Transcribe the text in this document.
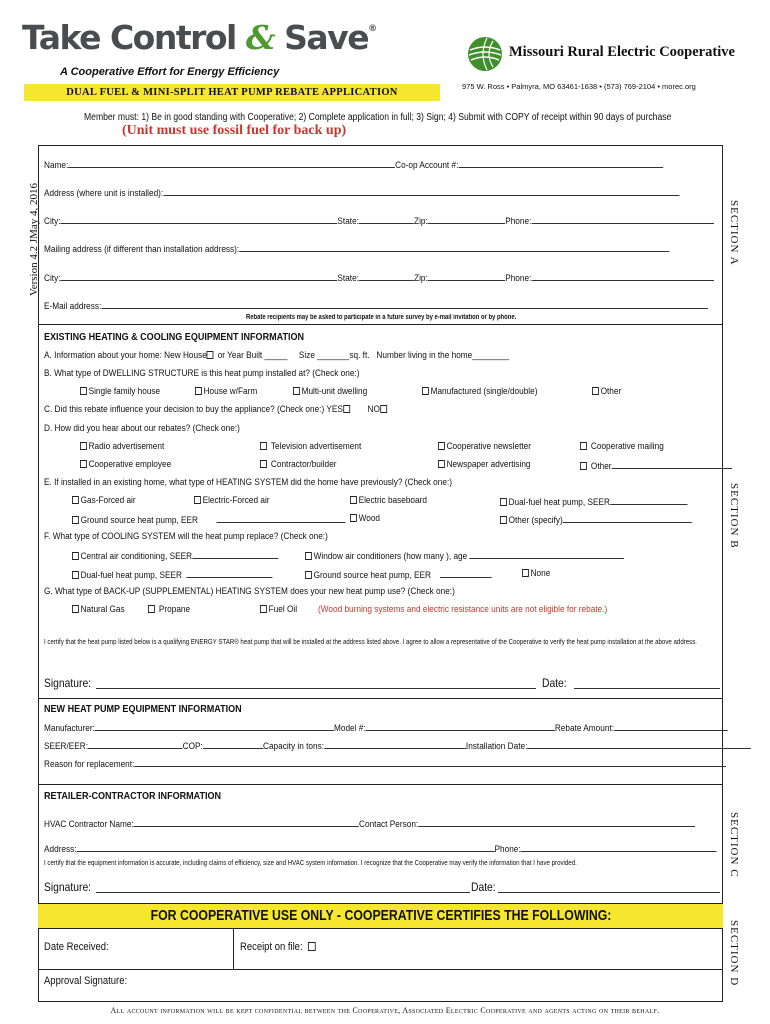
Take Control & Save®
A Cooperative Effort for Energy Efficiency
DUAL FUEL & MINI-SPLIT HEAT PUMP REBATE APPLICATION
Missouri Rural Electric Cooperative
975 W. Ross • Palmyra, MO 63461-1638 • (573) 769-2104 • morec.org
Member must: 1) Be in good standing with Cooperative; 2) Complete application in full; 3) Sign; 4) Submit with COPY of receipt within 90 days of purchase
(Unit must use fossil fuel for back up)
Version 4.2 JMay 4, 2016	SECTION A
SECTION B
SECTION C
SECTION D
Name:	Co-op Account #:
Address (where unit is installed):
City:	State:	Zip:	Phone:
Mailing address (if different than installation address):
City:	State:	Zip:	Phone:
E-Mail address:
Rebate recipients may be asked to participate in a future survey by e-mail invitation or by phone.
EXISTING HEATING & COOLING EQUIPMENT INFORMATION
A. Information about your home: New House or Year Built _____ Size _______sq. ft. Number living in the home________
B. What type of DWELLING STRUCTURE is this heat pump installed at? (Check one:)
Single family house	House w/Farm	Multi-unit dwelling	Manufactured (single/double)	Other
C. Did this rebate influence your decision to buy the appliance? (Check one:) YES	NO
D. How did you hear about our rebates? (Check one:)
Radio advertisement	Television advertisement	Cooperative newsletter	Cooperative mailing
Cooperative employee	Contractor/builder	Newspaper advertising	Other
E. If installed in an existing home, what type of HEATING SYSTEM did the home have previously? (Check one:)
Gas-Forced air	Electric-Forced air	Electric baseboard	Dual-fuel heat pump, SEER
Ground source heat pump, EER	Wood	Other (specify)
F. What type of COOLING SYSTEM will the heat pump replace? (Check one:)
Central air conditioning, SEER	Window air conditioners (how many ), age
Dual-fuel heat pump, SEER	Ground source heat pump, EER	None
G. What type of BACK-UP (SUPPLEMENTAL) HEATING SYSTEM does your new heat pump use? (Check one:)
Natural Gas	Propane	Fuel Oil (Wood burning systems and electric resistance units are not eligible for rebate.)
I certify that the heat pump listed below is a qualifying ENERGY STAR® heat pump that will be installed at the address listed above. I agree to allow a representative of the Cooperative to verify the heat pump installation at the above address.
Signature:	Date:
NEW HEAT PUMP EQUIPMENT INFORMATION
Manufacturer:	Model #:	Rebate Amount:
SEER/EER:	COP:	Capacity in tons:	Installation Date:
Reason for replacement:
RETAILER-CONTRACTOR INFORMATION
HVAC Contractor Name:	Contact Person:
Address:	Phone:
I certify that the equipment information is accurate, including claims of efficiency, size and HVAC system information. I recognize that the Cooperative may verify the information that I have provided.
Signature:	Date:
FOR COOPERATIVE USE ONLY - COOPERATIVE CERTIFIES THE FOLLOWING:
Date Received:	Receipt on file:
Approval Signature:
All account information will be kept confidential between the Cooperative, Associated Electric Cooperative and agents acting on their behalf.
